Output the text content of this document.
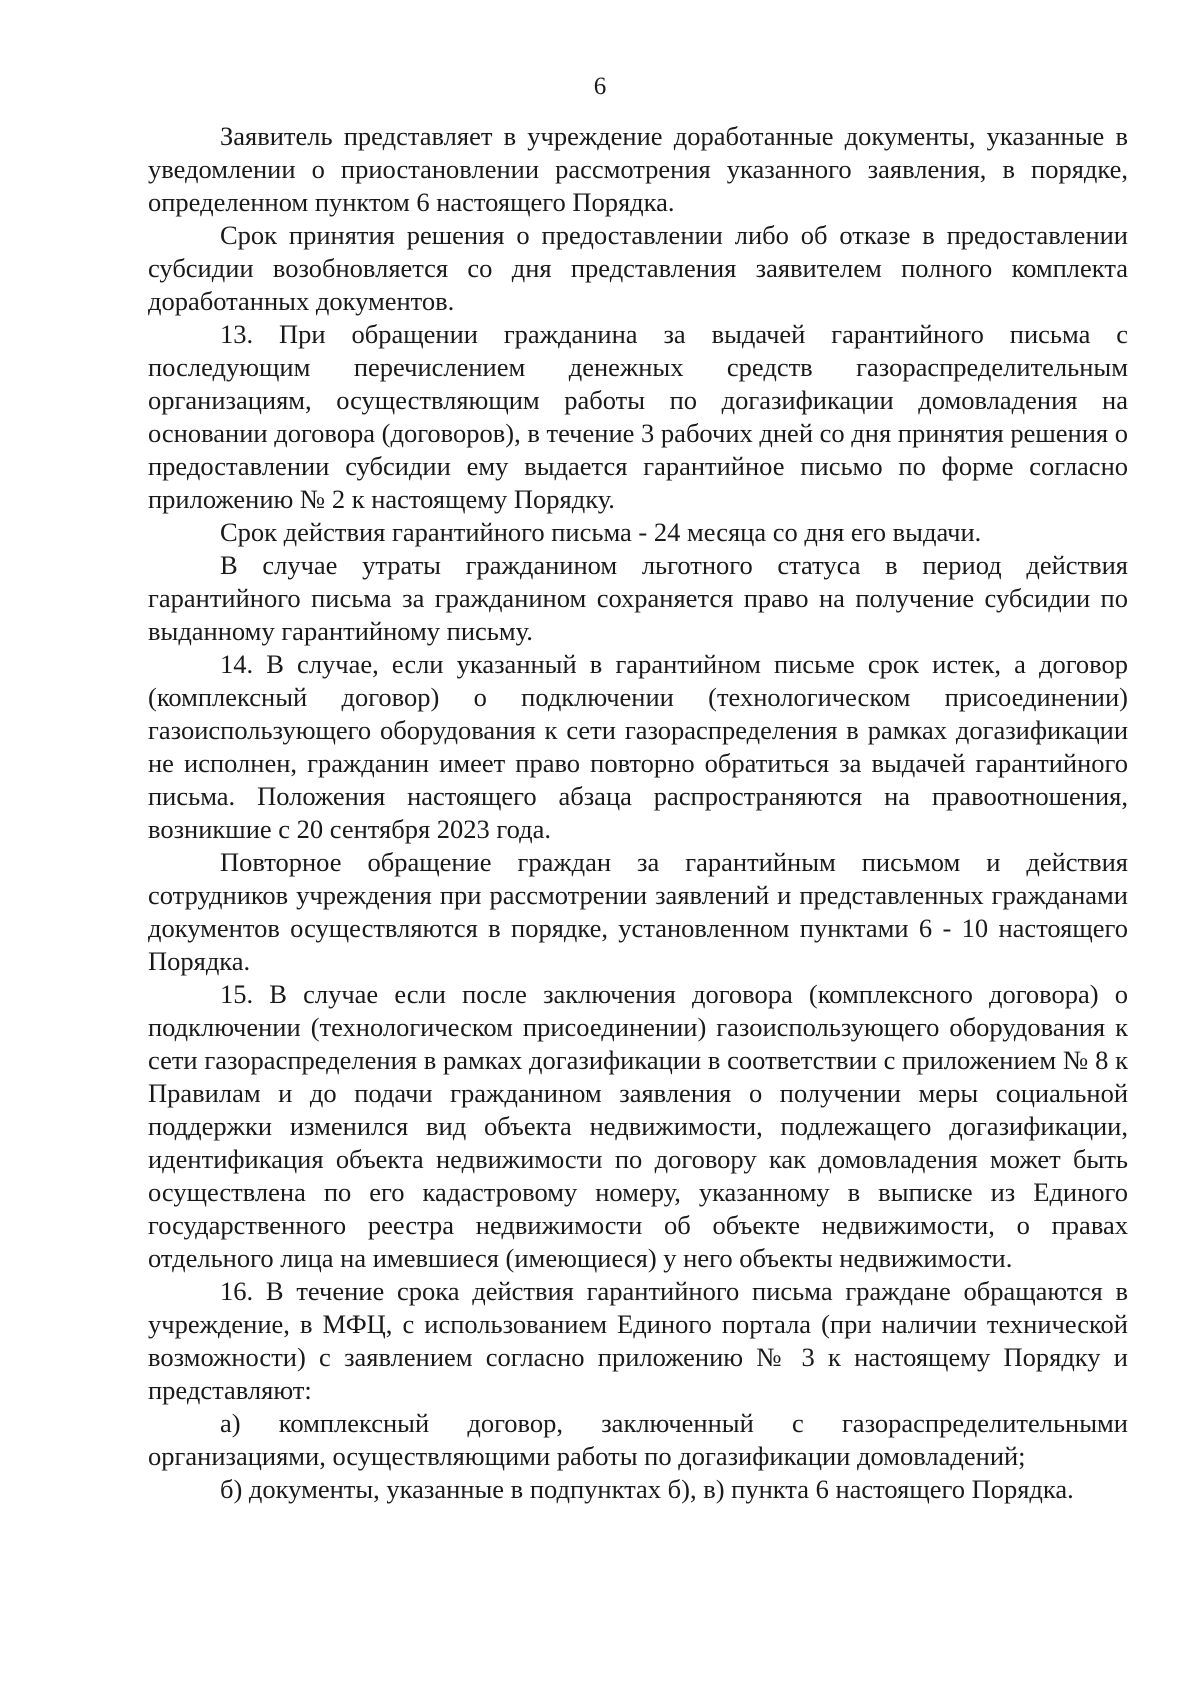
6

Заявитель представляет в учреждение доработанные документы, указанные в уведомлении о приостановлении рассмотрения указанного заявления, в порядке, определенном пунктом 6 настоящего Порядка.

Срок принятия решения о предоставлении либо об отказе в предоставлении субсидии возобновляется со дня представления заявителем полного комплекта доработанных документов.

13. При обращении гражданина за выдачей гарантийного письма с последующим перечислением денежных средств газораспределительным организациям, осуществляющим работы по догазификации домовладения на основании договора (договоров), в течение 3 рабочих дней со дня принятия решения о предоставлении субсидии ему выдается гарантийное письмо по форме согласно приложению № 2 к настоящему Порядку.

Срок действия гарантийного письма - 24 месяца со дня его выдачи.

В случае утраты гражданином льготного статуса в период действия гарантийного письма за гражданином сохраняется право на получение субсидии по выданному гарантийному письму.

14. В случае, если указанный в гарантийном письме срок истек, а договор (комплексный договор) о подключении (технологическом присоединении) газоиспользующего оборудования к сети газораспределения в рамках догазификации не исполнен, гражданин имеет право повторно обратиться за выдачей гарантийного письма. Положения настоящего абзаца распространяются на правоотношения, возникшие с 20 сентября 2023 года.

Повторное обращение граждан за гарантийным письмом и действия сотрудников учреждения при рассмотрении заявлений и представленных гражданами документов осуществляются в порядке, установленном пунктами 6 - 10 настоящего Порядка.

15. В случае если после заключения договора (комплексного договора) о подключении (технологическом присоединении) газоиспользующего оборудования к сети газораспределения в рамках догазификации в соответствии с приложением № 8 к Правилам и до подачи гражданином заявления о получении меры социальной поддержки изменился вид объекта недвижимости, подлежащего догазификации, идентификация объекта недвижимости по договору как домовладения может быть осуществлена по его кадастровому номеру, указанному в выписке из Единого государственного реестра недвижимости об объекте недвижимости, о правах отдельного лица на имевшиеся (имеющиеся) у него объекты недвижимости.

16. В течение срока действия гарантийного письма граждане обращаются в учреждение, в МФЦ, с использованием Единого портала (при наличии технической возможности) с заявлением согласно приложению № 3 к настоящему Порядку и представляют:

а) комплексный договор, заключенный с газораспределительными организациями, осуществляющими работы по догазификации домовладений;

б) документы, указанные в подпунктах б), в) пункта 6 настоящего Порядка.
